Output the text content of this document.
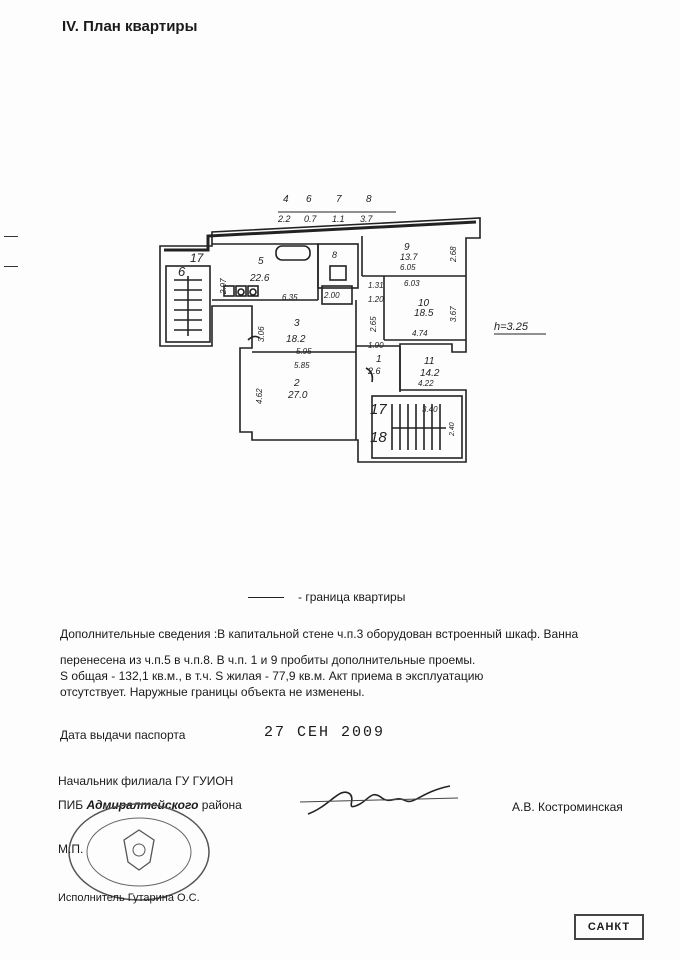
IV. План квартиры
6
17	5
22.6
8
9
13.7
10
18.5
3
18.2
2
27.0
1
2.6
11
14.2
17
18
4 6 7 8
2.2 0.7 1.1 3.7
h=3.25
2.97
6.35
3.06
5.95
5.85
4.62
6.05
6.03
2.68
3.67
1.31
1.20
4.74
1.90
4.22
2.00
2.65
3.40
2.40
- граница квартиры

Дополнительные сведения :В капитальной стене ч.п.3 оборудован встроенный шкаф. Ванна

перенесена из ч.п.5 в ч.п.8. В ч.п. 1 и 9 пробиты дополнительные проемы.

S общая - 132,1 кв.м., в т.ч. S жилая - 77,9 кв.м. Акт приема в эксплуатацию

отсутствует. Наружные границы объекта не изменены.

Дата выдачи паспорта	27 СЕН 2009
Начальник филиала ГУ ГУИОН
ПИБ Адмиралтейского района	А.В. Костроминская
М.П.
Исполнитель Гутарина О.С.
САНКТ
